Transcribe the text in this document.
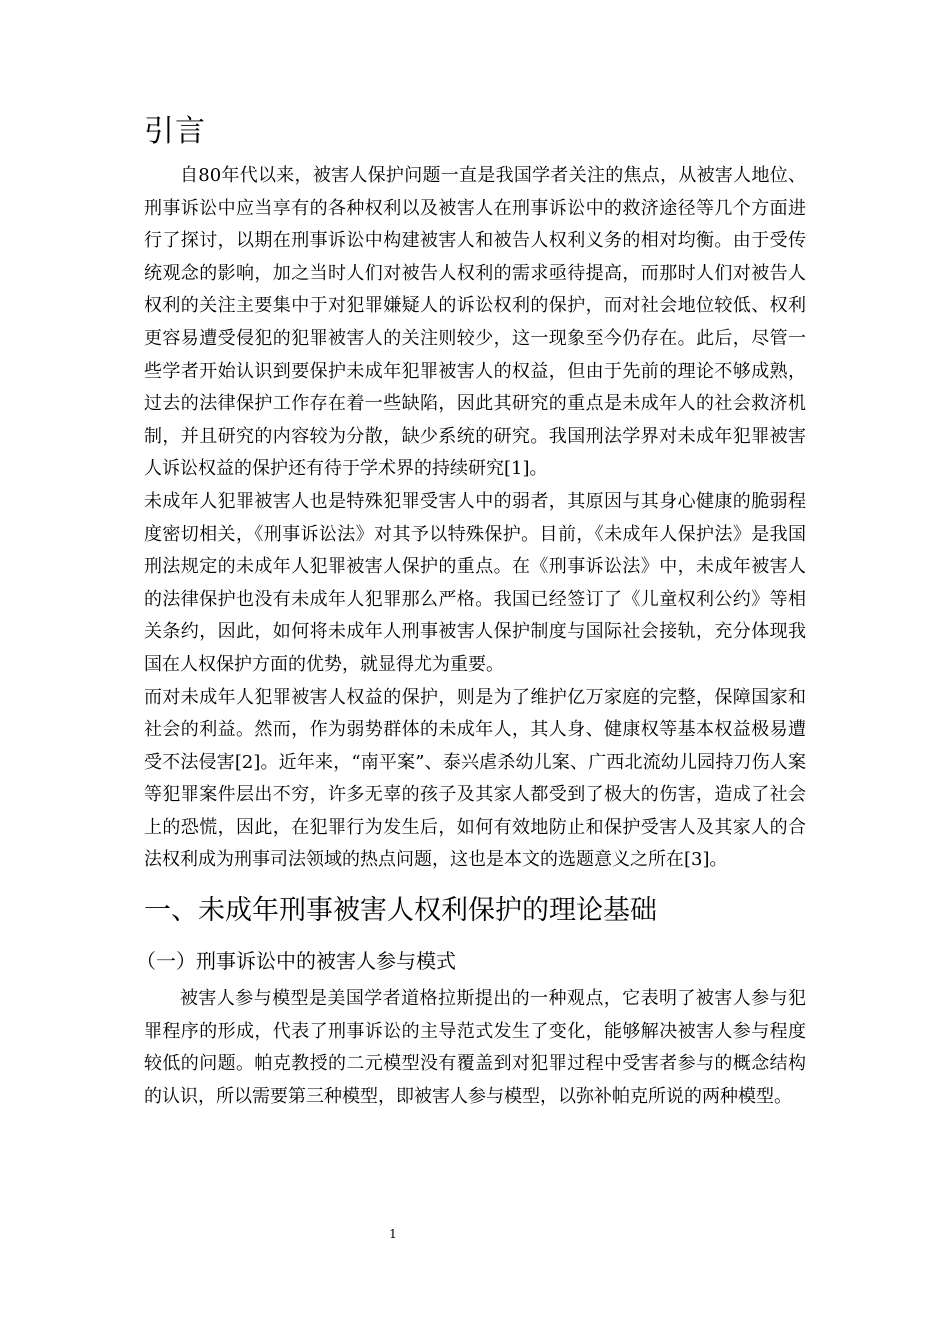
引言

自80年代以来，被害人保护问题一直是我国学者关注的焦点，从被害人地位、刑事诉讼中应当享有的各种权利以及被害人在刑事诉讼中的救济途径等几个方面进行了探讨，以期在刑事诉讼中构建被害人和被告人权利义务的相对均衡。由于受传统观念的影响，加之当时人们对被告人权利的需求亟待提高，而那时人们对被告人权利的关注主要集中于对犯罪嫌疑人的诉讼权利的保护，而对社会地位较低、权利更容易遭受侵犯的犯罪被害人的关注则较少，这一现象至今仍存在。此后，尽管一些学者开始认识到要保护未成年犯罪被害人的权益，但由于先前的理论不够成熟，过去的法律保护工作存在着一些缺陷，因此其研究的重点是未成年人的社会救济机制，并且研究的内容较为分散，缺少系统的研究。我国刑法学界对未成年犯罪被害人诉讼权益的保护还有待于学术界的持续研究[1]。

未成年人犯罪被害人也是特殊犯罪受害人中的弱者，其原因与其身心健康的脆弱程度密切相关，《刑事诉讼法》对其予以特殊保护。目前，《未成年人保护法》是我国刑法规定的未成年人犯罪被害人保护的重点。在《刑事诉讼法》中，未成年被害人的法律保护也没有未成年人犯罪那么严格。我国已经签订了《儿童权利公约》等相关条约，因此，如何将未成年人刑事被害人保护制度与国际社会接轨，充分体现我国在人权保护方面的优势，就显得尤为重要。

而对未成年人犯罪被害人权益的保护，则是为了维护亿万家庭的完整，保障国家和社会的利益。然而，作为弱势群体的未成年人，其人身、健康权等基本权益极易遭受不法侵害[2]。近年来，“南平案”、泰兴虐杀幼儿案、广西北流幼儿园持刀伤人案等犯罪案件层出不穷，许多无辜的孩子及其家人都受到了极大的伤害，造成了社会上的恐慌，因此，在犯罪行为发生后，如何有效地防止和保护受害人及其家人的合法权利成为刑事司法领域的热点问题，这也是本文的选题意义之所在[3]。

一、未成年刑事被害人权利保护的理论基础
（一）刑事诉讼中的被害人参与模式

被害人参与模型是美国学者道格拉斯提出的一种观点，它表明了被害人参与犯罪程序的形成，代表了刑事诉讼的主导范式发生了变化，能够解决被害人参与程度较低的问题。帕克教授的二元模型没有覆盖到对犯罪过程中受害者参与的概念结构的认识，所以需要第三种模型，即被害人参与模型，以弥补帕克所说的两种模型。

1
